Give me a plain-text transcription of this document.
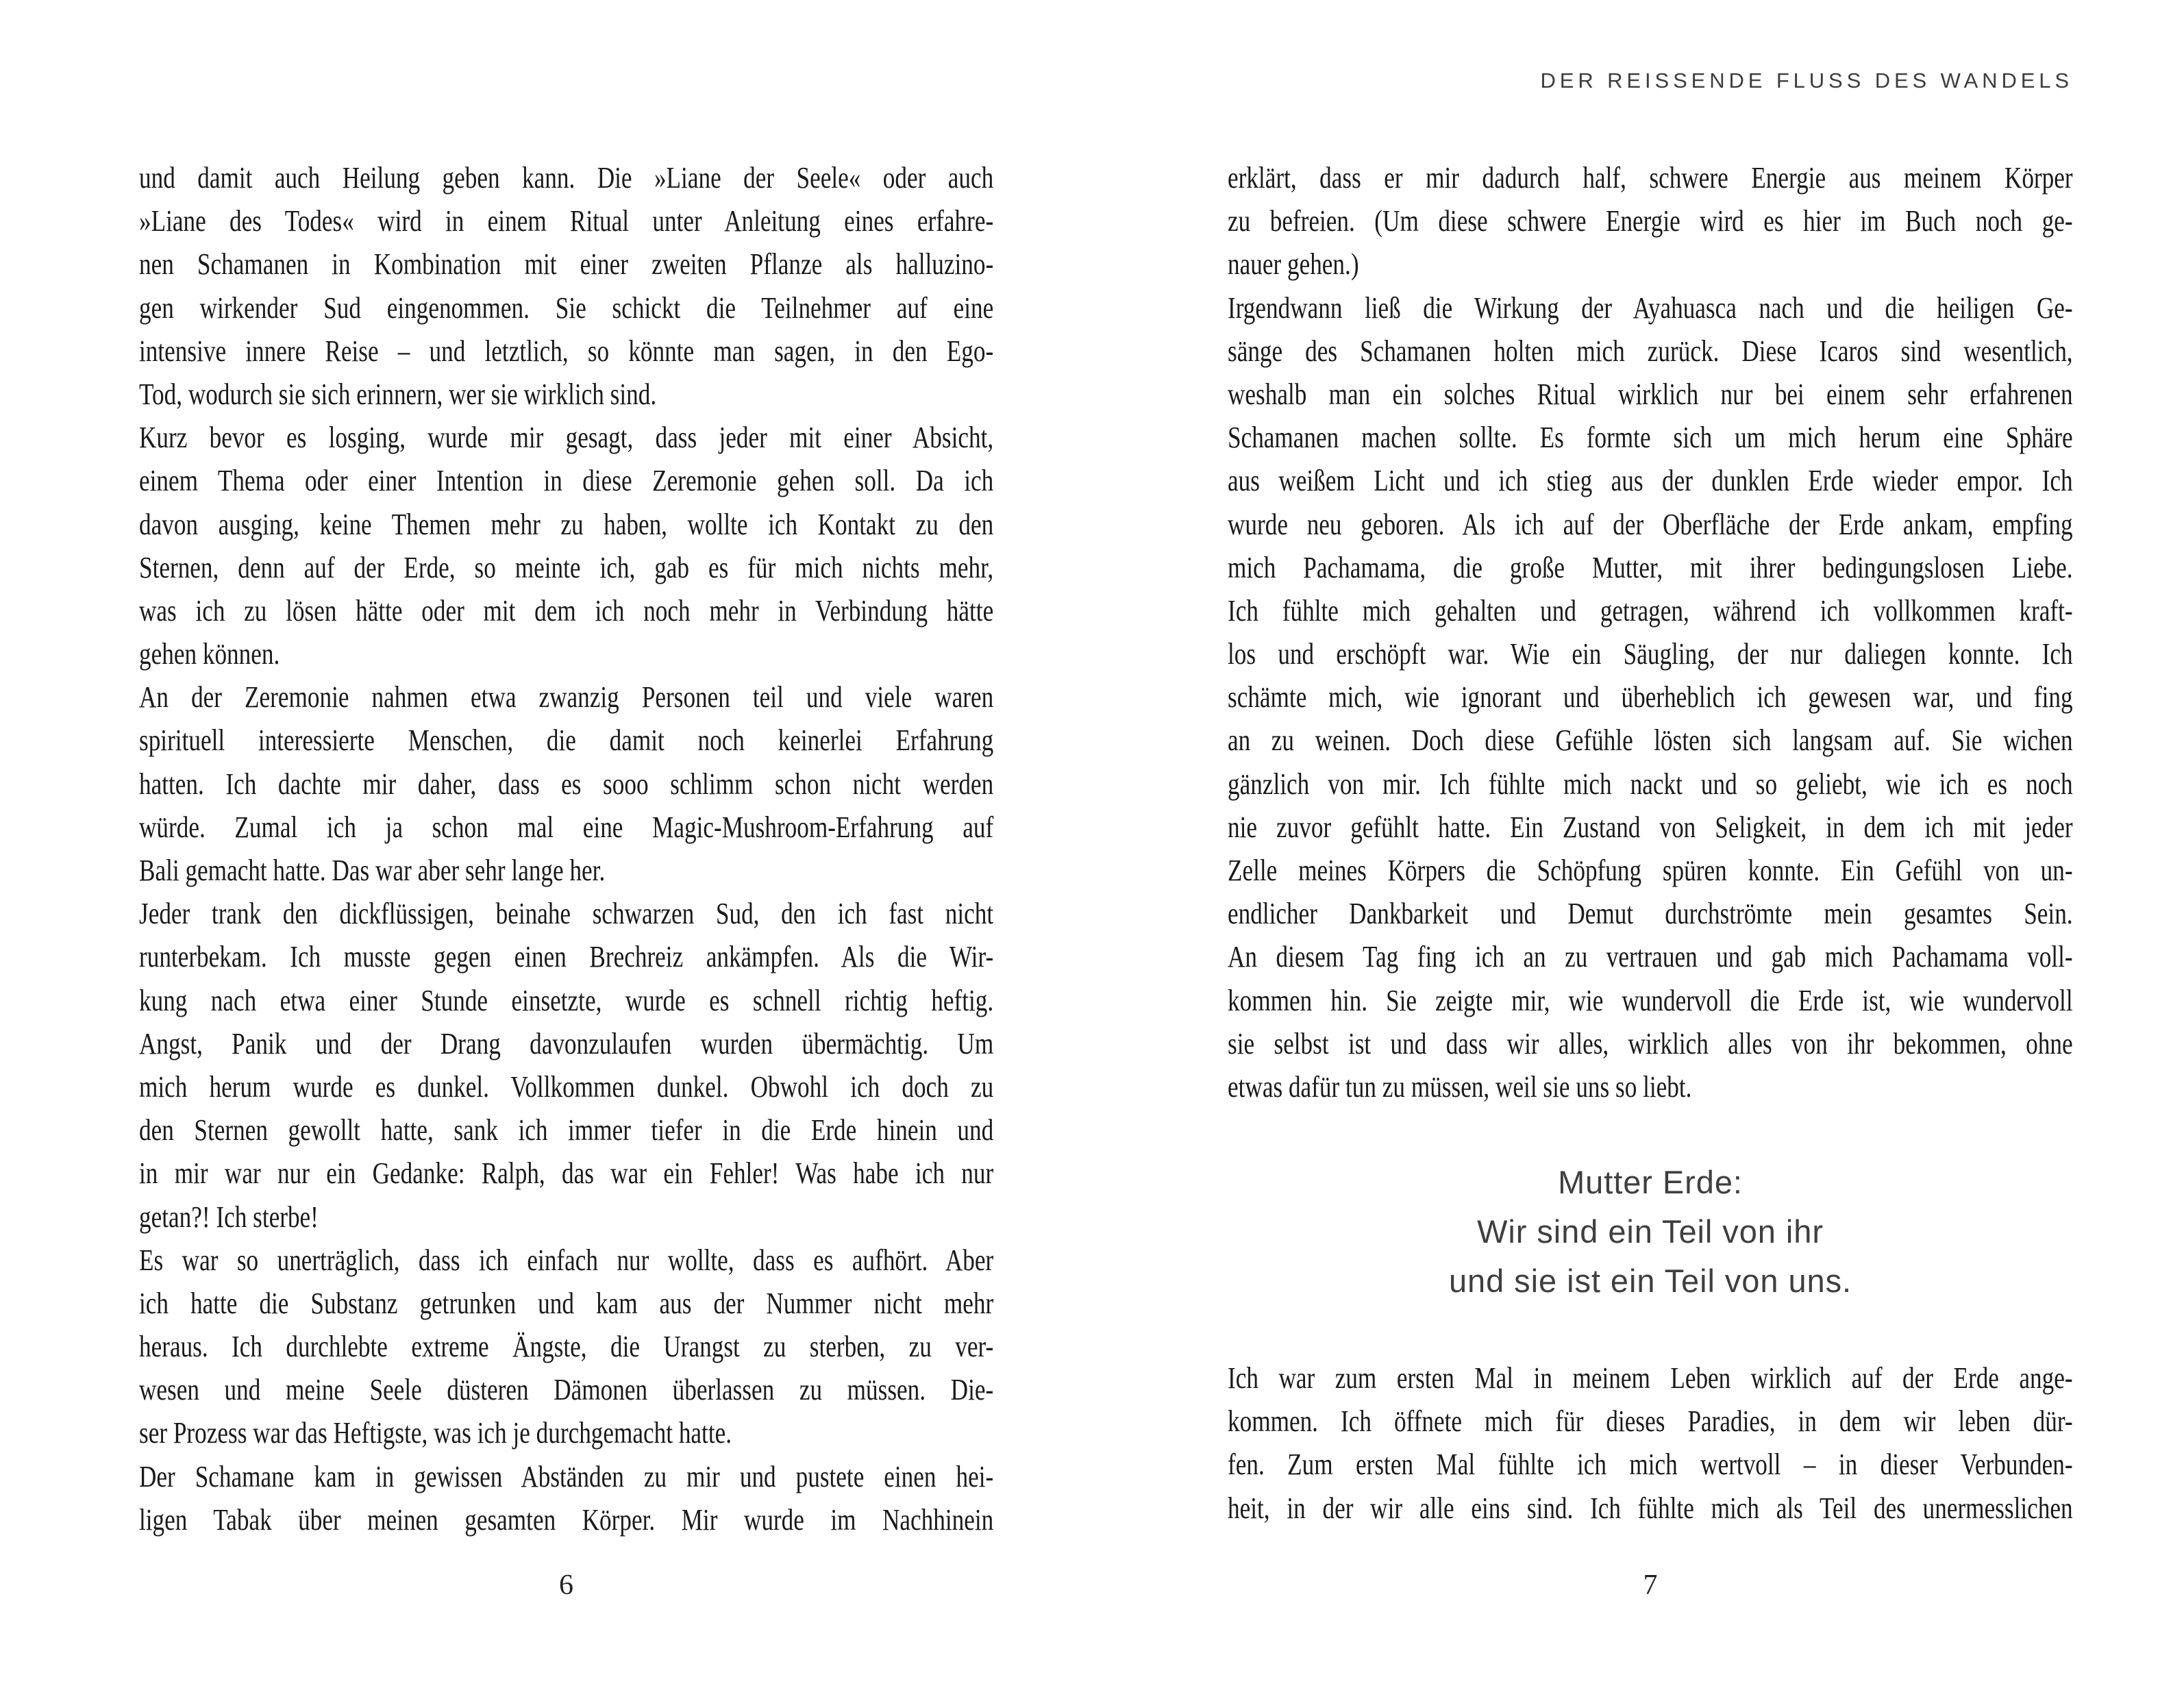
und damit auch Heilung geben kann. Die »Liane der Seele« oder auch
»Liane des Todes« wird in einem Ritual unter Anleitung eines erfahre-
nen Schamanen in Kombination mit einer zweiten Pflanze als halluzino-
gen wirkender Sud eingenommen. Sie schickt die Teilnehmer auf eine
intensive innere Reise – und letztlich, so könnte man sagen, in den Ego-
Tod, wodurch sie sich erinnern, wer sie wirklich sind.
Kurz bevor es losging, wurde mir gesagt, dass jeder mit einer Absicht,
einem Thema oder einer Intention in diese Zeremonie gehen soll. Da ich
davon ausging, keine Themen mehr zu haben, wollte ich Kontakt zu den
Sternen, denn auf der Erde, so meinte ich, gab es für mich nichts mehr,
was ich zu lösen hätte oder mit dem ich noch mehr in Verbindung hätte
gehen können.
An der Zeremonie nahmen etwa zwanzig Personen teil und viele waren
spirituell interessierte Menschen, die damit noch keinerlei Erfahrung
hatten. Ich dachte mir daher, dass es sooo schlimm schon nicht werden
würde. Zumal ich ja schon mal eine Magic-Mushroom-Erfahrung auf
Bali gemacht hatte. Das war aber sehr lange her.
Jeder trank den dickflüssigen, beinahe schwarzen Sud, den ich fast nicht
runterbekam. Ich musste gegen einen Brechreiz ankämpfen. Als die Wir-
kung nach etwa einer Stunde einsetzte, wurde es schnell richtig heftig.
Angst, Panik und der Drang davonzulaufen wurden übermächtig. Um
mich herum wurde es dunkel. Vollkommen dunkel. Obwohl ich doch zu
den Sternen gewollt hatte, sank ich immer tiefer in die Erde hinein und
in mir war nur ein Gedanke: Ralph, das war ein Fehler! Was habe ich nur
getan?! Ich sterbe!
Es war so unerträglich, dass ich einfach nur wollte, dass es aufhört. Aber
ich hatte die Substanz getrunken und kam aus der Nummer nicht mehr
heraus. Ich durchlebte extreme Ängste, die Urangst zu sterben, zu ver-
wesen und meine Seele düsteren Dämonen überlassen zu müssen. Die-
ser Prozess war das Heftigste, was ich je durchgemacht hatte.
Der Schamane kam in gewissen Abständen zu mir und pustete einen hei-
ligen Tabak über meinen gesamten Körper. Mir wurde im Nachhinein
6
DER REISSENDE FLUSS DES WANDELS
erklärt, dass er mir dadurch half, schwere Energie aus meinem Körper
zu befreien. (Um diese schwere Energie wird es hier im Buch noch ge-
nauer gehen.)
Irgendwann ließ die Wirkung der Ayahuasca nach und die heiligen Ge-
sänge des Schamanen holten mich zurück. Diese Icaros sind wesentlich,
weshalb man ein solches Ritual wirklich nur bei einem sehr erfahrenen
Schamanen machen sollte. Es formte sich um mich herum eine Sphäre
aus weißem Licht und ich stieg aus der dunklen Erde wieder empor. Ich
wurde neu geboren. Als ich auf der Oberfläche der Erde ankam, empfing
mich Pachamama, die große Mutter, mit ihrer bedingungslosen Liebe.
Ich fühlte mich gehalten und getragen, während ich vollkommen kraft-
los und erschöpft war. Wie ein Säugling, der nur daliegen konnte. Ich
schämte mich, wie ignorant und überheblich ich gewesen war, und fing
an zu weinen. Doch diese Gefühle lösten sich langsam auf. Sie wichen
gänzlich von mir. Ich fühlte mich nackt und so geliebt, wie ich es noch
nie zuvor gefühlt hatte. Ein Zustand von Seligkeit, in dem ich mit jeder
Zelle meines Körpers die Schöpfung spüren konnte. Ein Gefühl von un-
endlicher Dankbarkeit und Demut durchströmte mein gesamtes Sein.
An diesem Tag fing ich an zu vertrauen und gab mich Pachamama voll-
kommen hin. Sie zeigte mir, wie wundervoll die Erde ist, wie wundervoll
sie selbst ist und dass wir alles, wirklich alles von ihr bekommen, ohne
etwas dafür tun zu müssen, weil sie uns so liebt.
Mutter Erde:
Wir sind ein Teil von ihr
und sie ist ein Teil von uns.
Ich war zum ersten Mal in meinem Leben wirklich auf der Erde ange-
kommen. Ich öffnete mich für dieses Paradies, in dem wir leben dür-
fen. Zum ersten Mal fühlte ich mich wertvoll – in dieser Verbunden-
heit, in der wir alle eins sind. Ich fühlte mich als Teil des unermesslichen
7
